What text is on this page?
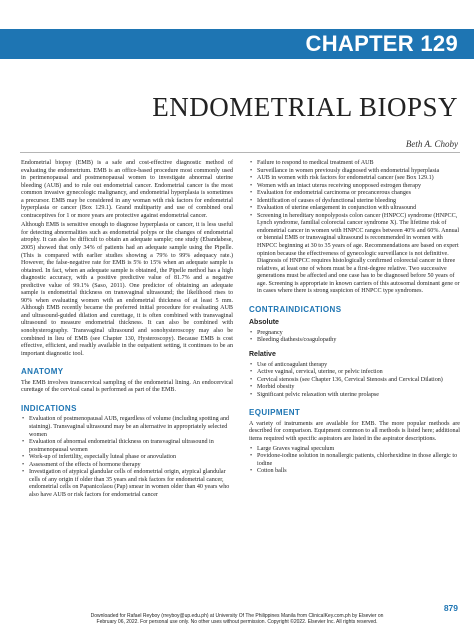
CHAPTER 129
ENDOMETRIAL BIOPSY
Beth A. Choby

Endometrial biopsy (EMB) is a safe and cost-effective diagnostic method of evaluating the endometrium. EMB is an office-based procedure most commonly used in perimenopausal and postmenopausal women to investigate abnormal uterine bleeding (AUB) and to rule out endometrial cancer. Endometrial cancer is the most common invasive gynecologic malignancy, and endometrial hyperplasia is sometimes a precursor. EMB may be considered in any woman with risk factors for endometrial hyperplasia or cancer (Box 129.1). Grand multiparity and use of combined oral contraceptives for 1 or more years are protective against endometrial cancer.

Although EMB is sensitive enough to diagnose hyperplasia or cancer, it is less useful for detecting abnormalities such as endometrial polyps or the changes of endometrial atrophy. It can also be difficult to obtain an adequate sample; one study (Ebandabese, 2005) showed that only 34% of patients had an adequate sample using the Pipelle. (This is compared with earlier studies showing a 79% to 99% adequacy rate.) However, the false-negative rate for EMB is 5% to 15% when an adequate sample is obtained. In fact, when an adequate sample is obtained, the Pipelle method has a high diagnostic accuracy, with a positive predictive value of 81.7% and a negative predictive value of 99.1% (Saso, 2011). One predictor of obtaining an adequate sample is endometrial thickness on transvaginal ultrasound; the likelihood rises to 90% when evaluating women with an endometrial thickness of at least 5 mm. Although EMB recently became the preferred initial procedure for evaluating AUB and ultrasound-guided dilation and curettage, it is often combined with transvaginal ultrasound to measure endometrial thickness. It can also be combined with sonohysterography. Transvaginal ultrasound and sonohysteroscopy may also be combined in lieu of EMB (see Chapter 130, Hysteroscopy). Because EMB is cost effective, efficient, and readily available in the outpatient setting, it continues to be an important diagnostic tool.

ANATOMY

The EMB involves transcervical sampling of the endometrial lining. An endocervical curettage of the cervical canal is performed as part of the EMB.

INDICATIONS
• Evaluation of postmenopausal AUB, regardless of volume (including spotting and staining). Transvaginal ultrasound may be an alternative in appropriately selected women
• Evaluation of abnormal endometrial thickness on transvaginal ultrasound in postmenopausal women
• Work-up of infertility, especially luteal phase or anovulation
• Assessment of the effects of hormone therapy
• Investigation of atypical glandular cells of endometrial origin, atypical glandular cells of any origin if older than 35 years and risk factors for endometrial cancer, endometrial cells on Papanicolaou (Pap) smear in women older than 40 years who also have AUB or risk factors for endometrial cancer
• Failure to respond to medical treatment of AUB
• Surveillance in women previously diagnosed with endometrial hyperplasia
• AUB in women with risk factors for endometrial cancer (see Box 129.1)
• Women with an intact uterus receiving unopposed estrogen therapy
• Evaluation for endometrial carcinoma or precancerous changes
• Identification of causes of dysfunctional uterine bleeding
• Evaluation of uterine enlargement in conjunction with ultrasound
• Screening in hereditary nonpolyposis colon cancer (HNPCC) syndrome (HNPCC, Lynch syndrome, familial colorectal cancer syndrome X). The lifetime risk of endometrial cancer in women with HNPCC ranges between 40% and 60%. Annual or biennial EMB or transvaginal ultrasound is recommended in women with HNPCC beginning at 30 to 35 years of age. Recommendations are based on expert opinion because the effectiveness of gynecologic surveillance is not definitive. Diagnosis of HNPCC requires histologically confirmed colorectal cancer in three relatives, at least one of whom must be a first-degree relative. Two successive generations must be affected and one case has to be diagnosed before 50 years of age. Screening is appropriate in known carriers of this autosomal dominant gene or in cases where there is strong suspicion of HNPCC type syndromes.
CONTRAINDICATIONS
Absolute
• Pregnancy
• Bleeding diathesis/coagulopathy
Relative
• Use of anticoagulant therapy
• Active vaginal, cervical, uterine, or pelvic infection
• Cervical stenosis (see Chapter 136, Cervical Stenosis and Cervical Dilation)
• Morbid obesity
• Significant pelvic relaxation with uterine prolapse
EQUIPMENT

A variety of instruments are available for EMB. The more popular methods are described for comparison. Equipment common to all methods is listed here; additional items required with specific aspirators are listed in the aspirator descriptions.

• Large Graves vaginal speculum
• Povidone-iodine solution in nonallergic patients, chlorhexidine in those allergic to iodine
• Cotton balls
879
Downloaded for Rafael Reyboy (rreyboy@up.edu.ph) at University Of The Philippines Manila from ClinicalKey.com.ph by Elsevier on
February 06, 2022. For personal use only. No other uses without permission. Copyright ©2022. Elsevier Inc. All rights reserved.
